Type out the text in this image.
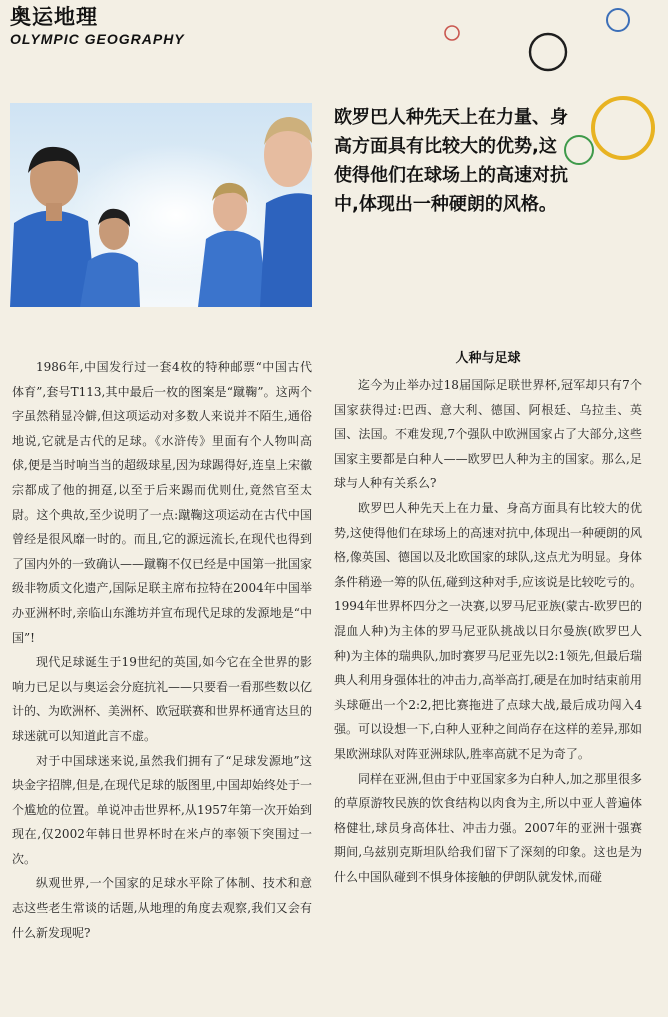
奥运地理
OLYMPIC GEOGRAPHY
欧罗巴人种先天上在力量、身高方面具有比较大的优势,这使得他们在球场上的高速对抗中,体现出一种硬朗的风格。

1986年,中国发行过一套4枚的特种邮票“中国古代体育”,套号T113,其中最后一枚的图案是“蹴鞠”。这两个字虽然稍显冷僻,但这项运动对多数人来说并不陌生,通俗地说,它就是古代的足球。《水浒传》里面有个人物叫高俅,便是当时响当当的超级球星,因为球踢得好,连皇上宋徽宗都成了他的拥趸,以至于后来踢而优则仕,竟然官至太尉。这个典故,至少说明了一点:蹴鞠这项运动在古代中国曾经是很风靡一时的。而且,它的源远流长,在现代也得到了国内外的一致确认——蹴鞠不仅已经是中国第一批国家级非物质文化遗产,国际足联主席布拉特在2004年中国举办亚洲杯时,亲临山东潍坊并宣布现代足球的发源地是“中国”!

现代足球诞生于19世纪的英国,如今它在全世界的影响力已足以与奥运会分庭抗礼——只要看一看那些数以亿计的、为欧洲杯、美洲杯、欧冠联赛和世界杯通宵达旦的球迷就可以知道此言不虚。

对于中国球迷来说,虽然我们拥有了“足球发源地”这块金字招牌,但是,在现代足球的版图里,中国却始终处于一个尴尬的位置。单说冲击世界杯,从1957年第一次开始到现在,仅2002年韩日世界杯时在米卢的率领下突围过一次。

纵观世界,一个国家的足球水平除了体制、技术和意志这些老生常谈的话题,从地理的角度去观察,我们又会有什么新发现呢?

人种与足球

迄今为止举办过18届国际足联世界杯,冠军却只有7个国家获得过:巴西、意大利、德国、阿根廷、乌拉圭、英国、法国。不难发现,7个强队中欧洲国家占了大部分,这些国家主要都是白种人——欧罗巴人种为主的国家。那么,足球与人种有关系么?

欧罗巴人种先天上在力量、身高方面具有比较大的优势,这使得他们在球场上的高速对抗中,体现出一种硬朗的风格,像英国、德国以及北欧国家的球队,这点尤为明显。身体条件稍逊一筹的队伍,碰到这种对手,应该说是比较吃亏的。1994年世界杯四分之一决赛,以罗马尼亚族(蒙古-欧罗巴的混血人种)为主体的罗马尼亚队挑战以日尔曼族(欧罗巴人种)为主体的瑞典队,加时赛罗马尼亚先以2:1领先,但最后瑞典人利用身强体壮的冲击力,高举高打,硬是在加时结束前用头球砸出一个2:2,把比赛拖进了点球大战,最后成功闯入4强。可以设想一下,白种人亚种之间尚存在这样的差异,那如果欧洲球队对阵亚洲球队,胜率高就不足为奇了。

同样在亚洲,但由于中亚国家多为白种人,加之那里很多的草原游牧民族的饮食结构以肉食为主,所以中亚人普遍体格健壮,球员身高体壮、冲击力强。2007年的亚洲十强赛期间,乌兹别克斯坦队给我们留下了深刻的印象。这也是为什么中国队碰到不惧身体接触的伊朗队就发怵,而碰
